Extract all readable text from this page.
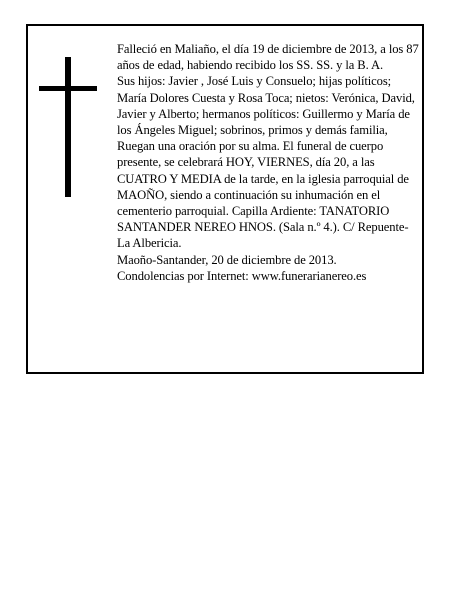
Falleció en Maliaño, el día 19 de diciembre de 2013, a los 87 años de edad, habiendo recibido los SS. SS. y la B. A.

Sus hijos: Javier , José Luis y Consuelo; hijas políticos; María Dolores Cuesta y Rosa Toca; nietos: Verónica, David, Javier y Alberto; hermanos políticos: Guillermo y María de los Ángeles Miguel; sobrinos, primos y demás familia,

Ruegan una oración por su alma. El funeral de cuerpo presente, se celebrará HOY, VIERNES, día 20, a las CUATRO Y MEDIA de la tarde, en la iglesia parroquial de MAOÑO, siendo a continuación su inhumación en el cementerio parroquial. Capilla Ardiente: TANATORIO SANTANDER NEREO HNOS. (Sala n.º 4.). C/ Repuente-La Albericia.

Maoño-Santander, 20 de diciembre de 2013.

Condolencias por Internet: www.funerarianereo.es
